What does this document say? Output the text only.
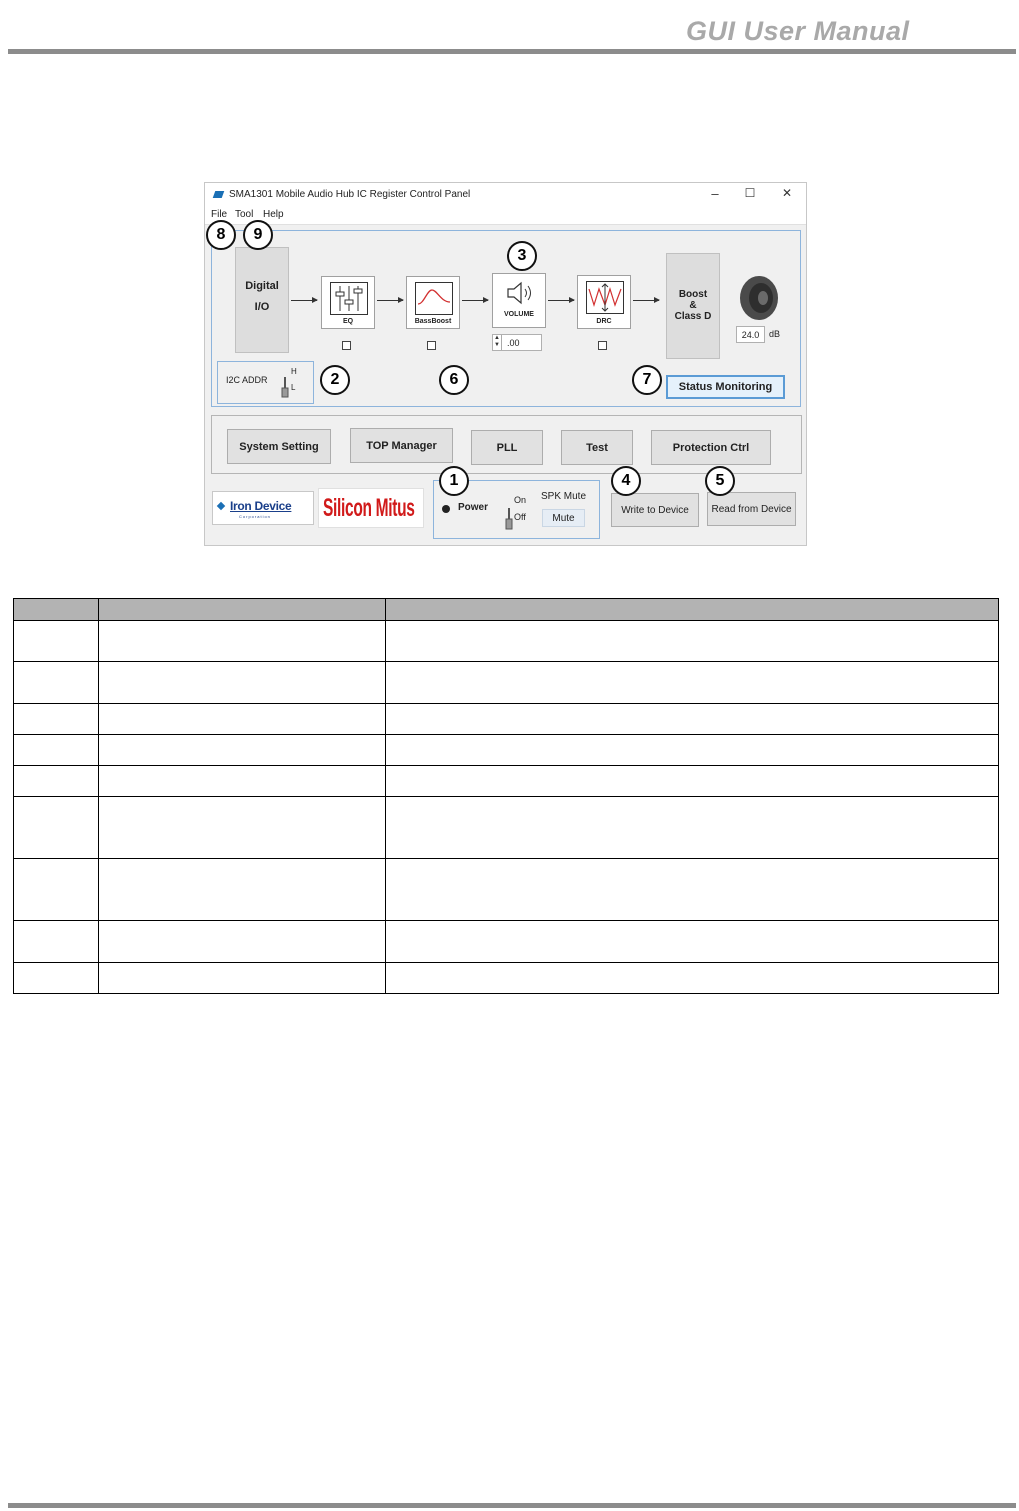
GUI User Manual
SMA1301 Mobile Audio Hub IC Register Control Panel	–	☐	✕
File Tool Help
Digital
I/O
EQ	BassBoost
VOLUME
.00
▲
▼
DRC
Boost
&
Class D
24.0 dB
I2C ADDR
H
L	Status Monitoring
System Setting	TOP Manager	PLL	Test	Protection Ctrl
Iron Device
Corporation Silicon Mitus	Power
On
Off
SPK Mute
Mute
Write to Device	Read from Device
1
2
3
4	5
6	7
8	9
